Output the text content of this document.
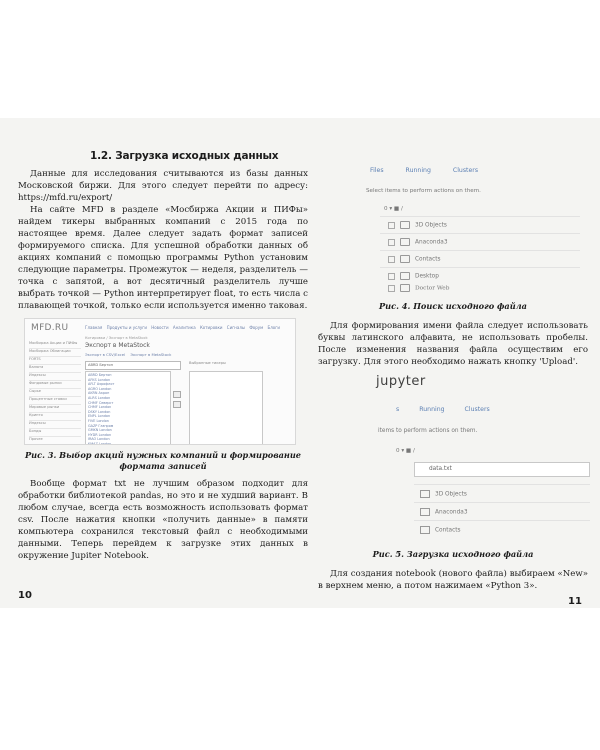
1.2. Загрузка исходных данных

Данные для исследования считываются из базы данных Московской биржи. Для этого следует перейти по адресу: https://mfd.ru/export/

На сайте MFD в разделе «Мосбиржа Акции и ПИФы» найдем тикеры выбранных компаний с 2015 года по настоящее время. Далее следует задать формат записей формируемого списка. Для успешной обработки данных об акциях компаний с помощью программы Python установим следующие параметры. Промежуток — неделя, разделитель — точка с запятой, а вот десятичный разделитель лучше выбрать точкой — Python интерпретирует float, то есть числа с плавающей точкой, только если используется именно таковая.

MFD.RU	Главная Продукты и услуги Новости Аналитика Котировки Сигналы Форум Блоги
Мосбиржа Акции и ПИФы
Мосбиржа Облигации
FORTS
Валюта
Индексы
Фондовые рынки
Сырье
Процентные ставки
Мировые рынки
Крипто
Индексы
Бонды
Прочее
Котировки / Экспорт в MetaStock
Экспорт в MetaStock
Экспорт в CSV/Excel Экспорт в MetaStock
ABRD Бертон
ABRD Бертон
AFKS London
AFLT Аэрофлот
AGRO London
AKRN Акрон
ALRS London
CHMF Северст
CHMF London
DSKY London
ENPL London
FIVE London
GAZP Газпром
GMKN London
HYDR London
IRAO London
KMAZ London
Выбранные тикеры

Рис. 3. Выбор акций нужных компаний и формирование формата записей

Вообще формат txt не лучшим образом подходит для обработки библиотекой pandas, но это и не худший вариант. В любом случае, всегда есть возможность использовать формат csv. После нажатия кнопки «получить данные» в памяти компьютера сохранился текстовый файл с необходимыми данными. Теперь перейдем к загрузке этих данных в окружение Jupiter Notebook.

10
Files	Running	Clusters
Select items to perform actions on them.
0 ▾ ■ /
3D Objects
Anaconda3
Contacts
Desktop
Doctor Web

Рис. 4. Поиск исходного файла

Для формирования имени файла следует использовать буквы латинского алфавита, не использовать пробелы. После изменения названия файла осуществим его загрузку. Для этого необходимо нажать кнопку 'Upload'.

jupyter
s	Running	Clusters
items to perform actions on them.
0 ▾ ■ /
data.txt
3D Objects
Anaconda3
Contacts

Рис. 5. Загрузка исходного файла

Для создания notebook (нового файла) выбираем «New» в верхнем меню, а потом нажимаем «Python 3».

11
